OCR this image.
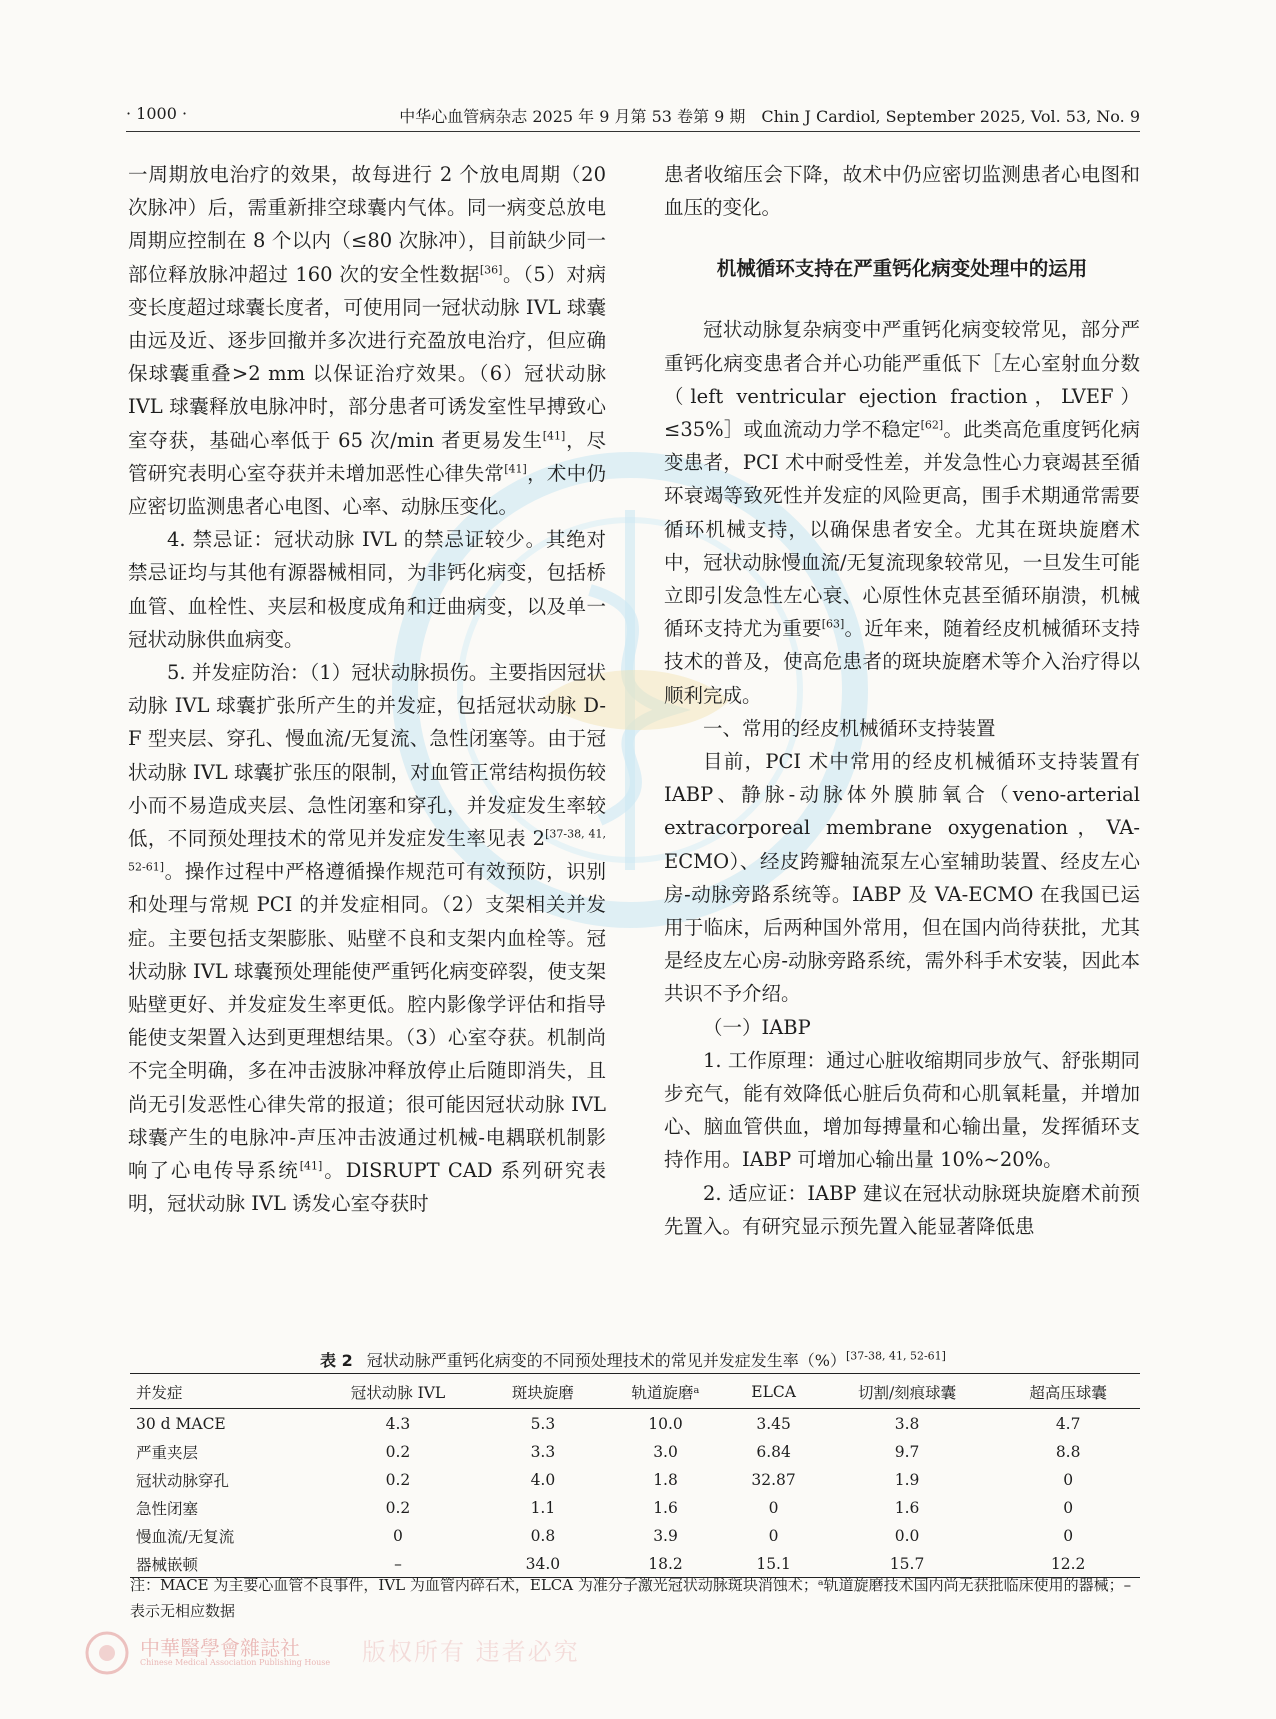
· 1000 ·	中华心血管病杂志 2025 年 9 月第 53 卷第 9 期　Chin J Cardiol, September 2025, Vol. 53, No. 9

一周期放电治疗的效果，故每进行 2 个放电周期（20 次脉冲）后，需重新排空球囊内气体。同一病变总放电周期应控制在 8 个以内（≤80 次脉冲），目前缺少同一部位释放脉冲超过 160 次的安全性数据[36]。（5）对病变长度超过球囊长度者，可使用同一冠状动脉 IVL 球囊由远及近、逐步回撤并多次进行充盈放电治疗，但应确保球囊重叠>2 mm 以保证治疗效果。（6）冠状动脉 IVL 球囊释放电脉冲时，部分患者可诱发室性早搏致心室夺获，基础心率低于 65 次/min 者更易发生[41]，尽管研究表明心室夺获并未增加恶性心律失常[41]，术中仍应密切监测患者心电图、心率、动脉压变化。

4. 禁忌证：冠状动脉 IVL 的禁忌证较少。其绝对禁忌证均与其他有源器械相同，为非钙化病变，包括桥血管、血栓性、夹层和极度成角和迂曲病变，以及单一冠状动脉供血病变。

5. 并发症防治：（1）冠状动脉损伤。主要指因冠状动脉 IVL 球囊扩张所产生的并发症，包括冠状动脉 D-F 型夹层、穿孔、慢血流/无复流、急性闭塞等。由于冠状动脉 IVL 球囊扩张压的限制，对血管正常结构损伤较小而不易造成夹层、急性闭塞和穿孔，并发症发生率较低，不同预处理技术的常见并发症发生率见表 2[37-38, 41, 52-61]。操作过程中严格遵循操作规范可有效预防，识别和处理与常规 PCI 的并发症相同。（2）支架相关并发症。主要包括支架膨胀、贴壁不良和支架内血栓等。冠状动脉 IVL 球囊预处理能使严重钙化病变碎裂，使支架贴壁更好、并发症发生率更低。腔内影像学评估和指导能使支架置入达到更理想结果。（3）心室夺获。机制尚不完全明确，多在冲击波脉冲释放停止后随即消失，且尚无引发恶性心律失常的报道；很可能因冠状动脉 IVL 球囊产生的电脉冲-声压冲击波通过机械-电耦联机制影响了心电传导系统[41]。DISRUPT CAD 系列研究表明，冠状动脉 IVL 诱发心室夺获时

患者收缩压会下降，故术中仍应密切监测患者心电图和血压的变化。

机械循环支持在严重钙化病变处理中的运用

冠状动脉复杂病变中严重钙化病变较常见，部分严重钙化病变患者合并心功能严重低下［左心室射血分数（left ventricular ejection fraction，LVEF）≤35%］或血流动力学不稳定[62]。此类高危重度钙化病变患者，PCI 术中耐受性差，并发急性心力衰竭甚至循环衰竭等致死性并发症的风险更高，围手术期通常需要循环机械支持，以确保患者安全。尤其在斑块旋磨术中，冠状动脉慢血流/无复流现象较常见，一旦发生可能立即引发急性左心衰、心原性休克甚至循环崩溃，机械循环支持尤为重要[63]。近年来，随着经皮机械循环支持技术的普及，使高危患者的斑块旋磨术等介入治疗得以顺利完成。

一、常用的经皮机械循环支持装置

目前，PCI 术中常用的经皮机械循环支持装置有 IABP、静脉-动脉体外膜肺氧合（veno-arterial extracorporeal membrane oxygenation，VA-ECMO）、经皮跨瓣轴流泵左心室辅助装置、经皮左心房-动脉旁路系统等。IABP 及 VA-ECMO 在我国已运用于临床，后两种国外常用，但在国内尚待获批，尤其是经皮左心房-动脉旁路系统，需外科手术安装，因此本共识不予介绍。

（一）IABP

1. 工作原理：通过心脏收缩期同步放气、舒张期同步充气，能有效降低心脏后负荷和心肌氧耗量，并增加心、脑血管供血，增加每搏量和心输出量，发挥循环支持作用。IABP 可增加心输出量 10%~20%。

2. 适应证：IABP 建议在冠状动脉斑块旋磨术前预先置入。有研究显示预先置入能显著降低患

表 2 冠状动脉严重钙化病变的不同预处理技术的常见并发症发生率（%）[37-38, 41, 52-61]
并发症	冠状动脉 IVL	斑块旋磨	轨道旋磨ᵃ	ELCA	切割/刻痕球囊	超高压球囊
30 d MACE	4.3	5.3	10.0	3.45	3.8	4.7
严重夹层	0.2	3.3	3.0	6.84	9.7	8.8
冠状动脉穿孔	0.2	4.0	1.8	32.87	1.9	0
急性闭塞	0.2	1.1	1.6	0	1.6	0
慢血流/无复流	0	0.8	3.9	0	0.0	0
器械嵌顿	–	34.0	18.2	15.1	15.7	12.2
注：MACE 为主要心血管不良事件，IVL 为血管内碎石术，ELCA 为准分子激光冠状动脉斑块消蚀术；ᵃ轨道旋磨技术国内尚无获批临床使用的器械；–表示无相应数据
中華醫學會雜誌社
Chinese Medical Association Publishing House 版权所有 违者必究
